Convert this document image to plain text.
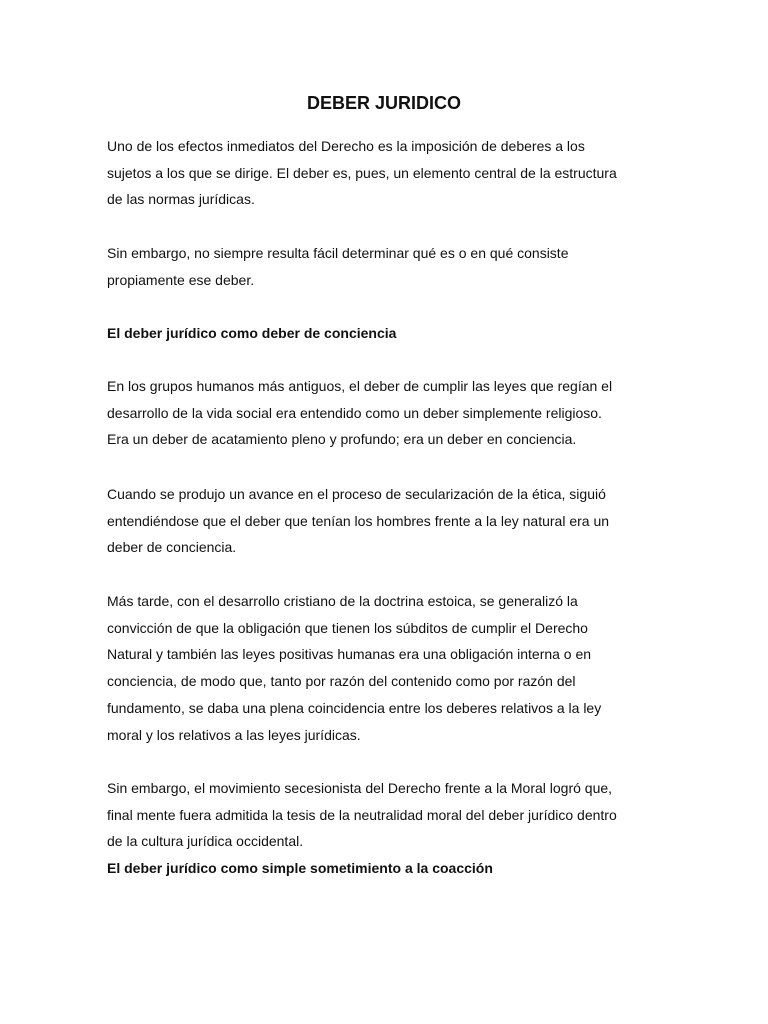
DEBER JURIDICO

Uno de los efectos inmediatos del Derecho es la imposición de deberes a los
sujetos a los que se dirige. El deber es, pues, un elemento central de la estructura
de las normas jurídicas.

Sin embargo, no siempre resulta fácil determinar qué es o en qué consiste
propiamente ese deber.

El deber jurídico como deber de conciencia

En los grupos humanos más antiguos, el deber de cumplir las leyes que regían el
desarrollo de la vida social era entendido como un deber simplemente religioso.
Era un deber de acatamiento pleno y profundo; era un deber en conciencia.

Cuando se produjo un avance en el proceso de secularización de la ética, siguió
entendiéndose que el deber que tenían los hombres frente a la ley natural era un
deber de conciencia.

Más tarde, con el desarrollo cristiano de la doctrina estoica, se generalizó la
convicción de que la obligación que tienen los súbditos de cumplir el Derecho
Natural y también las leyes positivas humanas era una obligación interna o en
conciencia, de modo que, tanto por razón del contenido como por razón del
fundamento, se daba una plena coincidencia entre los deberes relativos a la ley
moral y los relativos a las leyes jurídicas.

Sin embargo, el movimiento secesionista del Derecho frente a la Moral logró que,
final mente fuera admitida la tesis de la neutralidad moral del deber jurídico dentro
de la cultura jurídica occidental.

El deber jurídico como simple sometimiento a la coacción
